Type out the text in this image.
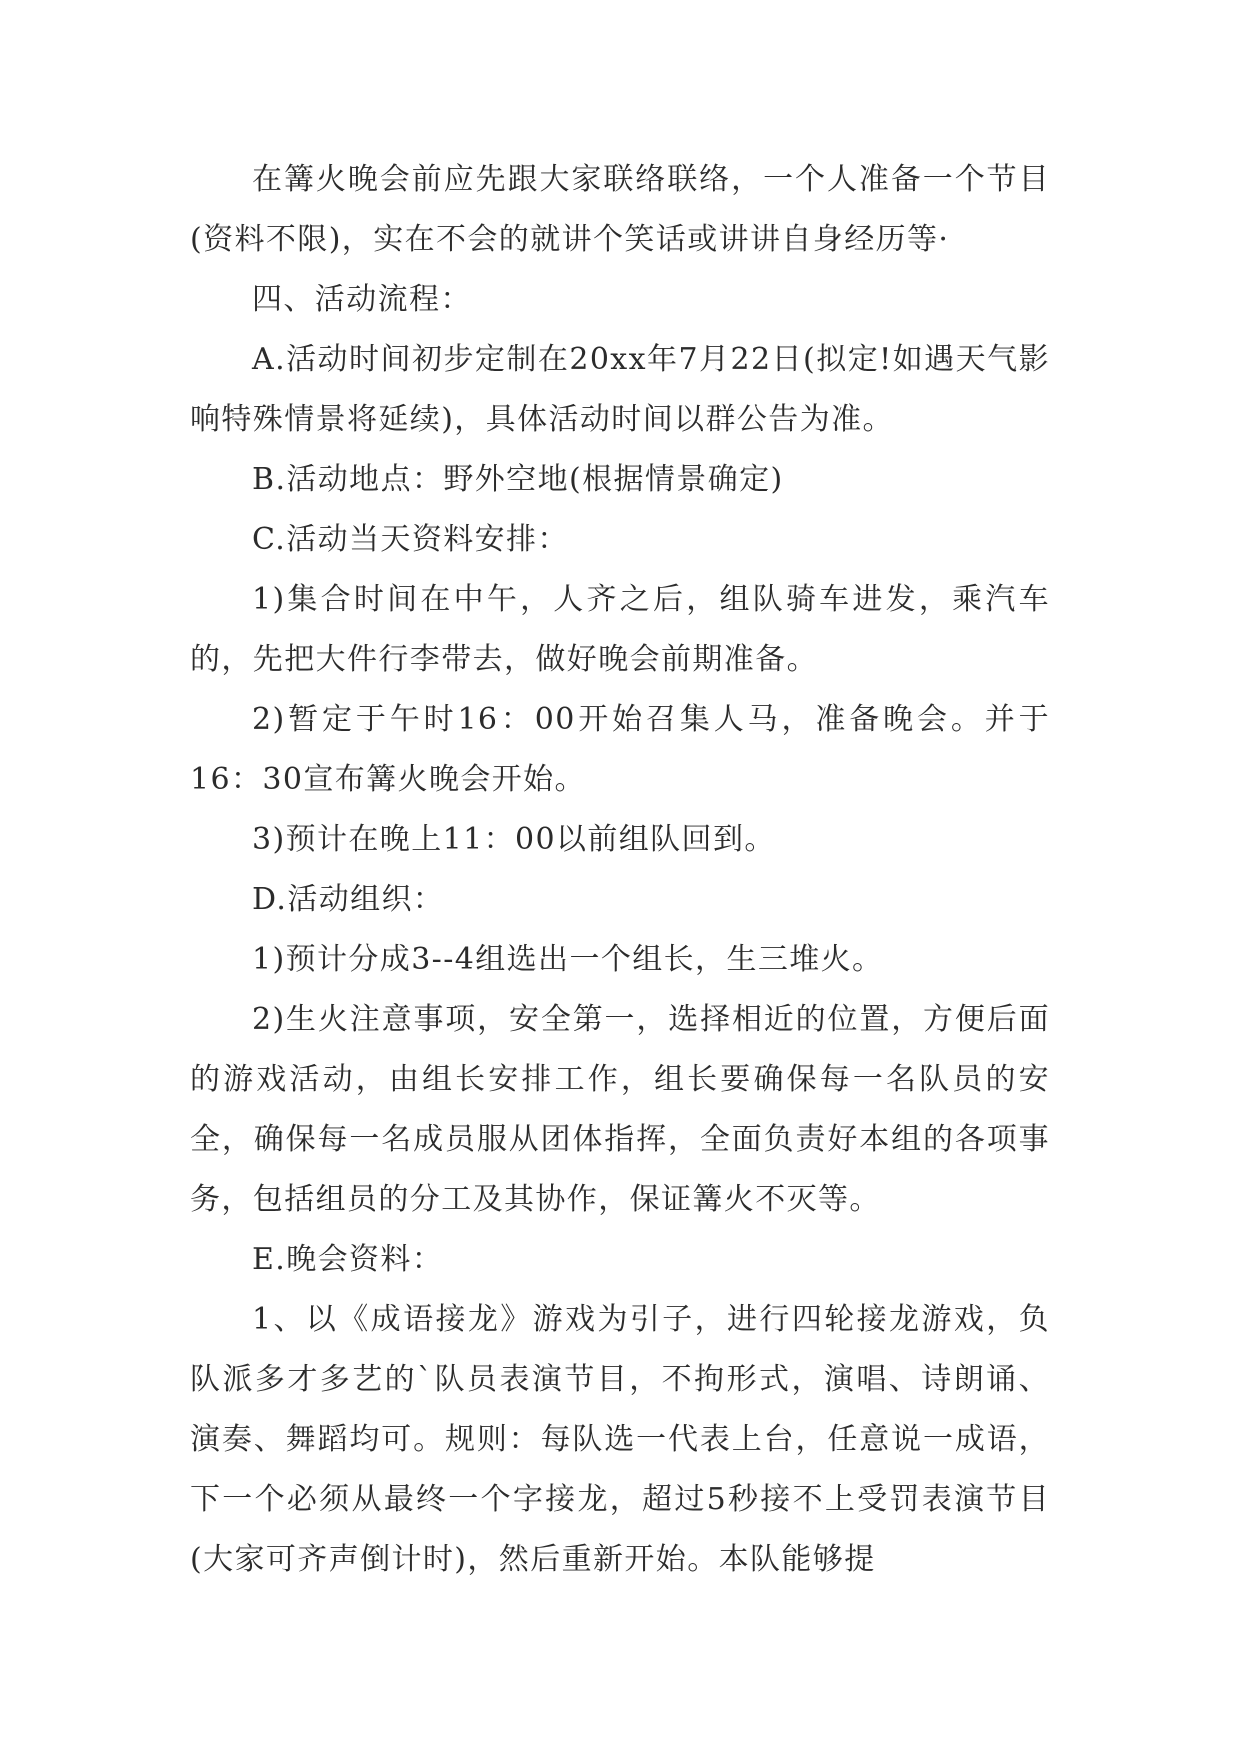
在篝火晚会前应先跟大家联络联络，一个人准备一个节目(资料不限)，实在不会的就讲个笑话或讲讲自身经历等·

四、活动流程：

A.活动时间初步定制在20xx年7月22日(拟定!如遇天气影响特殊情景将延续)，具体活动时间以群公告为准。

B.活动地点：野外空地(根据情景确定)

C.活动当天资料安排：

1)集合时间在中午，人齐之后，组队骑车进发，乘汽车的，先把大件行李带去，做好晚会前期准备。

2)暂定于午时16：00开始召集人马，准备晚会。并于16：30宣布篝火晚会开始。

3)预计在晚上11：00以前组队回到。

D.活动组织：

1)预计分成3--4组选出一个组长，生三堆火。

2)生火注意事项，安全第一，选择相近的位置，方便后面的游戏活动，由组长安排工作，组长要确保每一名队员的安全，确保每一名成员服从团体指挥，全面负责好本组的各项事务，包括组员的分工及其协作，保证篝火不灭等。

E.晚会资料：

1、以《成语接龙》游戏为引子，进行四轮接龙游戏，负队派多才多艺的`队员表演节目，不拘形式，演唱、诗朗诵、演奏、舞蹈均可。规则：每队选一代表上台，任意说一成语，下一个必须从最终一个字接龙，超过5秒接不上受罚表演节目(大家可齐声倒计时)，然后重新开始。本队能够提
